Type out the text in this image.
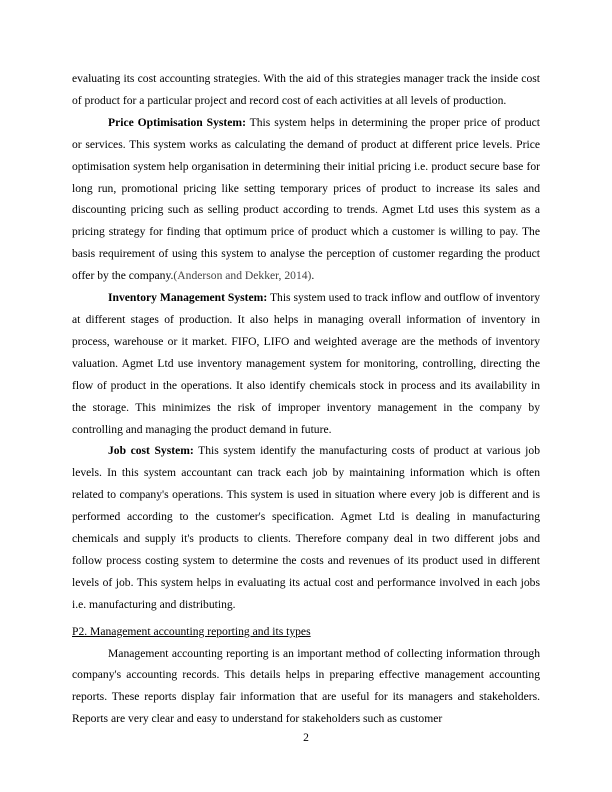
evaluating its cost accounting strategies. With the aid of this strategies manager track the inside cost of product for a particular project and record cost of each activities at all levels of production.

Price Optimisation System: This system helps in determining the proper price of product or services. This system works as calculating the demand of product at different price levels. Price optimisation system help organisation in determining their initial pricing i.e. product secure base for long run, promotional pricing like setting temporary prices of product to increase its sales and discounting pricing such as selling product according to trends. Agmet Ltd uses this system as a pricing strategy for finding that optimum price of product which a customer is willing to pay. The basis requirement of using this system to analyse the perception of customer regarding the product offer by the company.(Anderson and Dekker, 2014).

Inventory Management System: This system used to track inflow and outflow of inventory at different stages of production. It also helps in managing overall information of inventory in process, warehouse or it market. FIFO, LIFO and weighted average are the methods of inventory valuation. Agmet Ltd use inventory management system for monitoring, controlling, directing the flow of product in the operations. It also identify chemicals stock in process and its availability in the storage. This minimizes the risk of improper inventory management in the company by controlling and managing the product demand in future.

Job cost System: This system identify the manufacturing costs of product at various job levels. In this system accountant can track each job by maintaining information which is often related to company's operations. This system is used in situation where every job is different and is performed according to the customer's specification. Agmet Ltd is dealing in manufacturing chemicals and supply it's products to clients. Therefore company deal in two different jobs and follow process costing system to determine the costs and revenues of its product used in different levels of job. This system helps in evaluating its actual cost and performance involved in each jobs i.e. manufacturing and distributing.

P2. Management accounting reporting and its types

Management accounting reporting is an important method of collecting information through company's accounting records. This details helps in preparing effective management accounting reports. These reports display fair information that are useful for its managers and stakeholders. Reports are very clear and easy to understand for stakeholders such as customer

2
